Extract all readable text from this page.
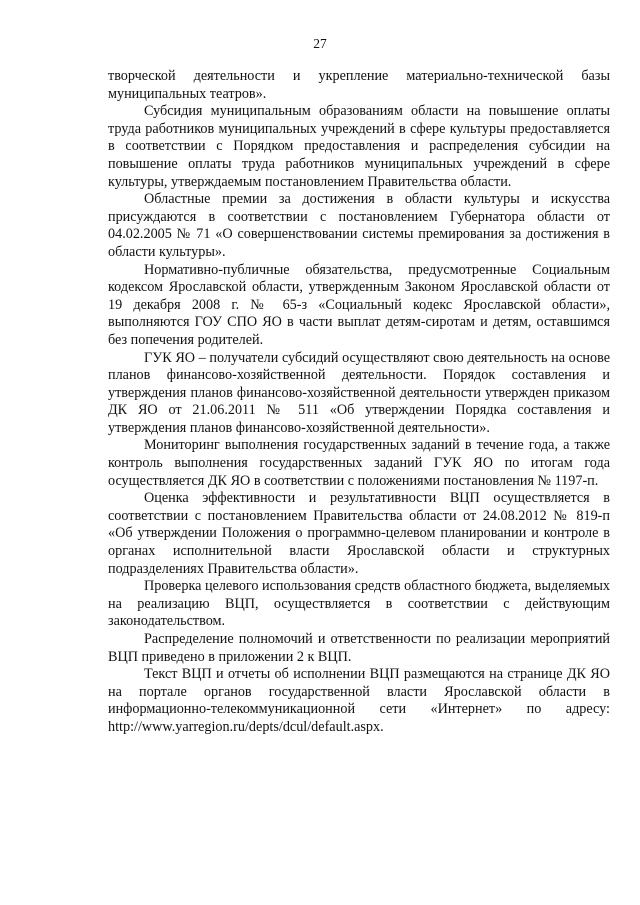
27

творческой деятельности и укрепление материально-технической базы муниципальных театров».

Субсидия муниципальным образованиям области на повышение оплаты труда работников муниципальных учреждений в сфере культуры предоставляется в соответствии с Порядком предоставления и распределения субсидии на повышение оплаты труда работников муниципальных учреждений в сфере культуры, утверждаемым постановлением Правительства области.

Областные премии за достижения в области культуры и искусства присуждаются в соответствии с постановлением Губернатора области от 04.02.2005 № 71 «О совершенствовании системы премирования за достижения в области культуры».

Нормативно-публичные обязательства, предусмотренные Социальным кодексом Ярославской области, утвержденным Законом Ярославской области от 19 декабря 2008 г. № 65-з «Социальный кодекс Ярославской области», выполняются ГОУ СПО ЯО в части выплат детям-сиротам и детям, оставшимся без попечения родителей.

ГУК ЯО – получатели субсидий осуществляют свою деятельность на основе планов финансово-хозяйственной деятельности. Порядок составления и утверждения планов финансово-хозяйственной деятельности утвержден приказом ДК ЯО от 21.06.2011 № 511 «Об утверждении Порядка составления и утверждения планов финансово-хозяйственной деятельности».

Мониторинг выполнения государственных заданий в течение года, а также контроль выполнения государственных заданий ГУК ЯО по итогам года осуществляется ДК ЯО в соответствии с положениями постановления № 1197-п.

Оценка эффективности и результативности ВЦП осуществляется в соответствии с постановлением Правительства области от 24.08.2012 № 819-п «Об утверждении Положения о программно-целевом планировании и контроле в органах исполнительной власти Ярославской области и структурных подразделениях Правительства области».

Проверка целевого использования средств областного бюджета, выделяемых на реализацию ВЦП, осуществляется в соответствии с действующим законодательством.

Распределение полномочий и ответственности по реализации мероприятий ВЦП приведено в приложении 2 к ВЦП.

Текст ВЦП и отчеты об исполнении ВЦП размещаются на странице ДК ЯО на портале органов государственной власти Ярославской области в информационно-телекоммуникационной сети «Интернет» по адресу: http://www.yarregion.ru/depts/dcul/default.aspx.
